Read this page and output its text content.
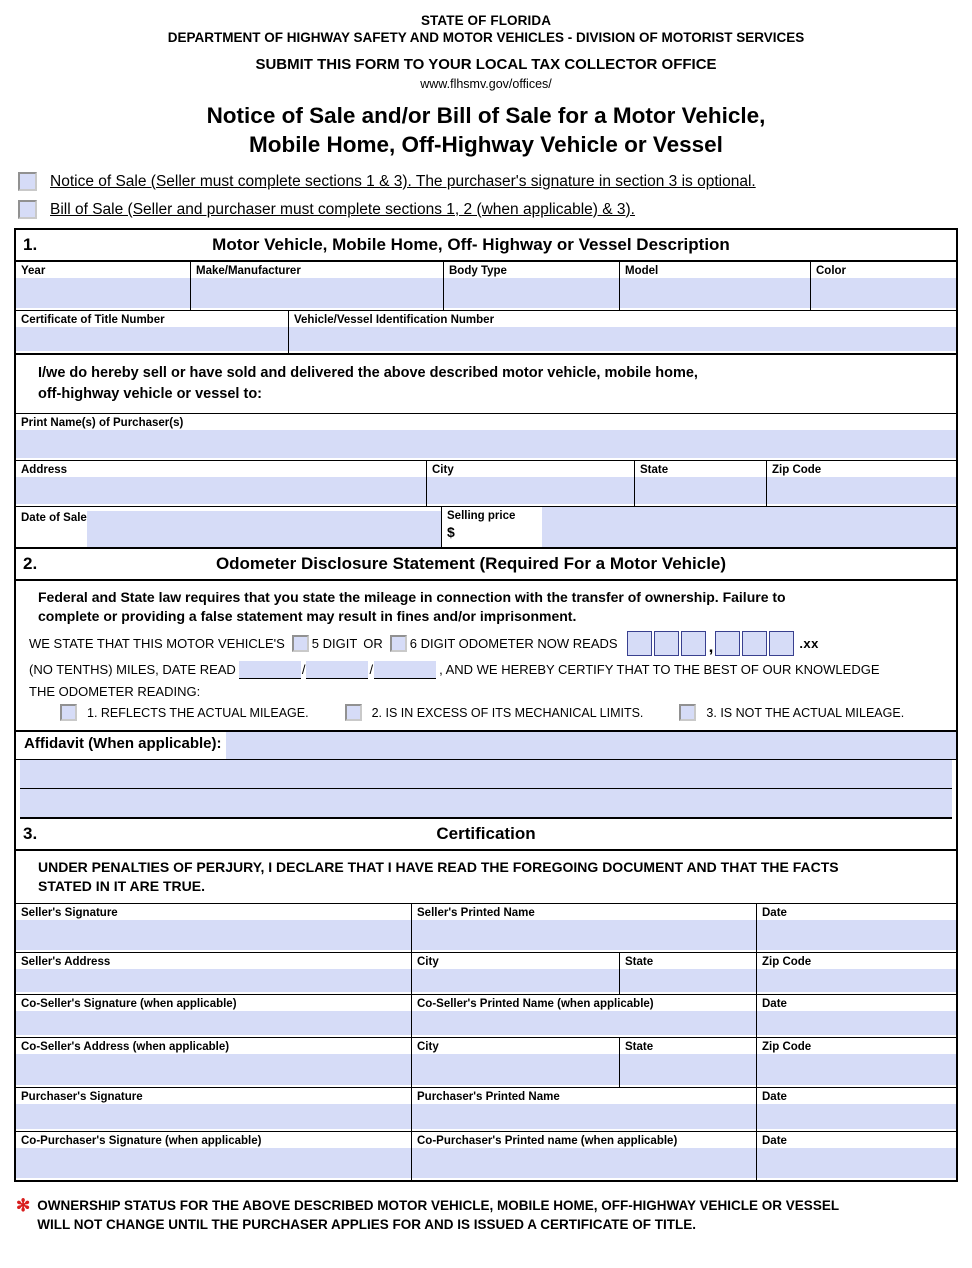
STATE OF FLORIDA
DEPARTMENT OF HIGHWAY SAFETY AND MOTOR VEHICLES - DIVISION OF MOTORIST SERVICES
SUBMIT THIS FORM TO YOUR LOCAL TAX COLLECTOR OFFICE
www.flhsmv.gov/offices/
Notice of Sale and/or Bill of Sale for a Motor Vehicle,
Mobile Home, Off-Highway Vehicle or Vessel
Notice of Sale (Seller must complete sections 1 & 3). The purchaser's signature in section 3 is optional.
Bill of Sale (Seller and purchaser must complete sections 1, 2 (when applicable) & 3).
1.	Motor Vehicle, Mobile Home, Off- Highway or Vessel Description
Year	Make/Manufacturer	Body Type	Model	Color
Certificate of Title Number	Vehicle/Vessel Identification Number
I/we do hereby sell or have sold and delivered the above described motor vehicle, mobile home,
off-highway vehicle or vessel to:
Print Name(s) of Purchaser(s)
Address	City	State	Zip Code
Date of Sale	Selling price
$
2.	Odometer Disclosure Statement (Required For a Motor Vehicle)
Federal and State law requires that you state the mileage in connection with the transfer of ownership. Failure to
complete or providing a false statement may result in fines and/or imprisonment.
WE STATE THAT THIS MOTOR VEHICLE'S 5 DIGIT OR 6 DIGIT ODOMETER NOW READS	,	.xx
(NO TENTHS) MILES, DATE READ	/	/	, AND WE HEREBY CERTIFY THAT TO THE BEST OF OUR KNOWLEDGE
THE ODOMETER READING:
1. REFLECTS THE ACTUAL MILEAGE.	2. IS IN EXCESS OF ITS MECHANICAL LIMITS.	3. IS NOT THE ACTUAL MILEAGE.
Affidavit (When applicable):
3.	Certification
UNDER PENALTIES OF PERJURY, I DECLARE THAT I HAVE READ THE FOREGOING DOCUMENT AND THAT THE FACTS
STATED IN IT ARE TRUE.
Seller's Signature	Seller's Printed Name	Date
Seller's Address	City	State	Zip Code
Co-Seller's Signature (when applicable)	Co-Seller's Printed Name (when applicable)	Date
Co-Seller's Address (when applicable)	City	State	Zip Code
Purchaser's Signature	Purchaser's Printed Name	Date
Co-Purchaser's Signature (when applicable)	Co-Purchaser's Printed name (when applicable)	Date
✻ OWNERSHIP STATUS FOR THE ABOVE DESCRIBED MOTOR VEHICLE, MOBILE HOME, OFF-HIGHWAY VEHICLE OR VESSEL
WILL NOT CHANGE UNTIL THE PURCHASER APPLIES FOR AND IS ISSUED A CERTIFICATE OF TITLE.
